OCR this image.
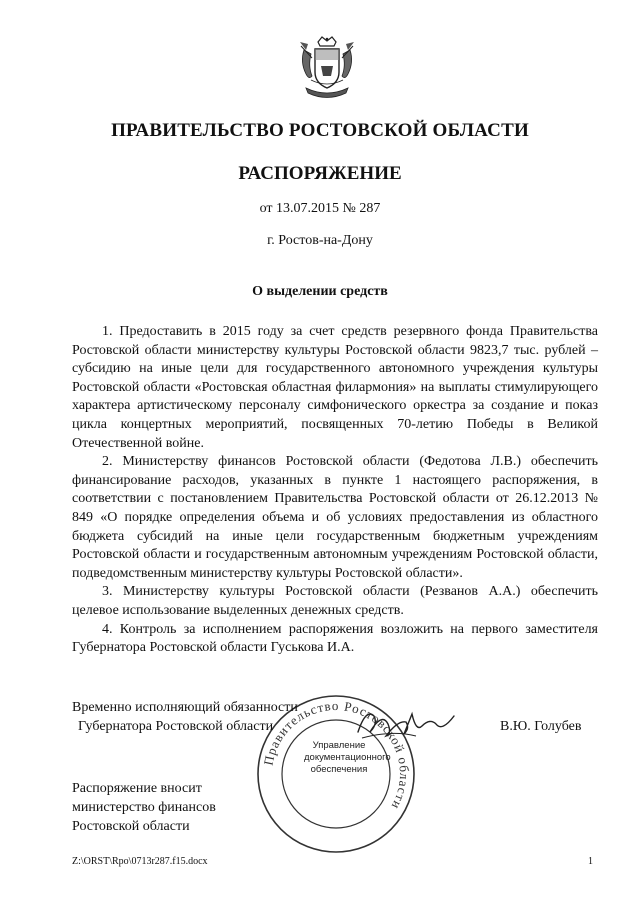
ПРАВИТЕЛЬСТВО РОСТОВСКОЙ ОБЛАСТИ
РАСПОРЯЖЕНИЕ
от 13.07.2015 № 287
г. Ростов-на-Дону
О выделении средств

1. Предоставить в 2015 году за счет средств резервного фонда Правительства Ростовской области министерству культуры Ростовской области 9823,7 тыс. рублей – субсидию на иные цели для государственного автономного учреждения культуры Ростовской области «Ростовская областная филармония» на выплаты стимулирующего характера артистическому персоналу симфонического оркестра за создание и показ цикла концертных мероприятий, посвященных 70-летию Победы в Великой Отечественной войне.

2. Министерству финансов Ростовской области (Федотова Л.В.) обеспечить финансирование расходов, указанных в пункте 1 настоящего распоряжения, в соответствии с постановлением Правительства Ростовской области от 26.12.2013 № 849 «О порядке определения объема и об условиях предоставления из областного бюджета субсидий на иные цели государственным бюджетным учреждениям Ростовской области и государственным автономным учреждениям Ростовской области, подведомственным министерству культуры Ростовской области».

3. Министерству культуры Ростовской области (Резванов А.А.) обеспечить целевое использование выделенных денежных средств.

4. Контроль за исполнением распоряжения возложить на первого заместителя Губернатора Ростовской области Гуськова И.А.

Правительство Ростовской области
Управление
документационного
обеспечения
Временно исполняющий обязанности
Губернатора Ростовской области	В.Ю. Голубев
Распоряжение вносит
министерство финансов
Ростовской области
Z:\ORST\Rpo\0713r287.f15.docx	1
